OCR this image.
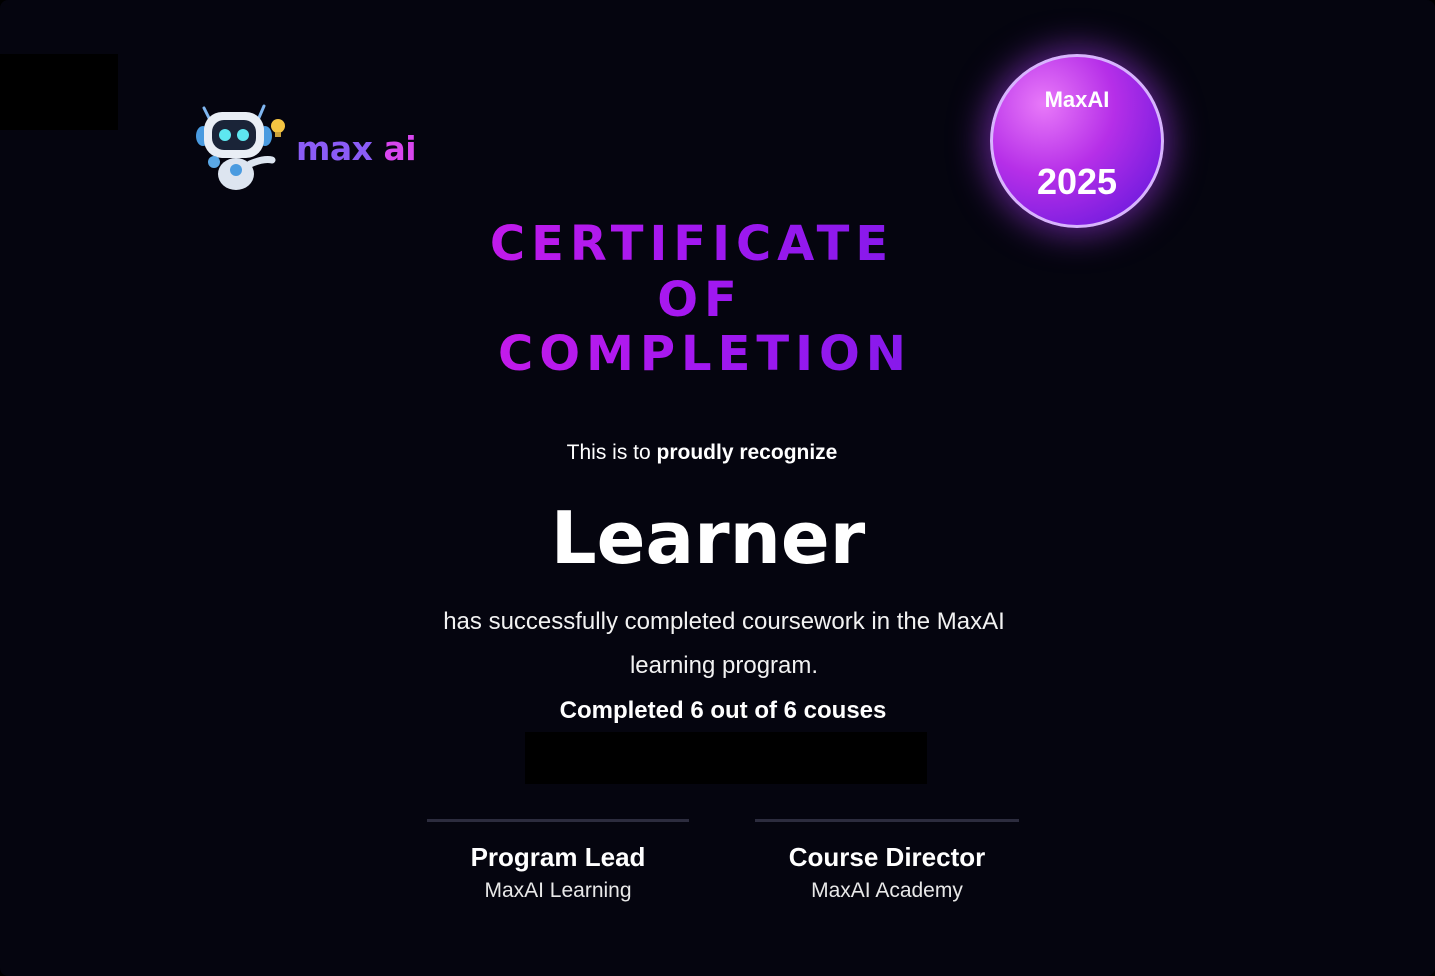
max ai
MaxAI
2025
CERTIFICATE
OF
COMPLETION
This is to proudly recognize
Learner
has successfully completed coursework in the MaxAI
learning program.
Completed 6 out of 6 couses
Program Lead
MaxAI Learning
Course Director
MaxAI Academy
